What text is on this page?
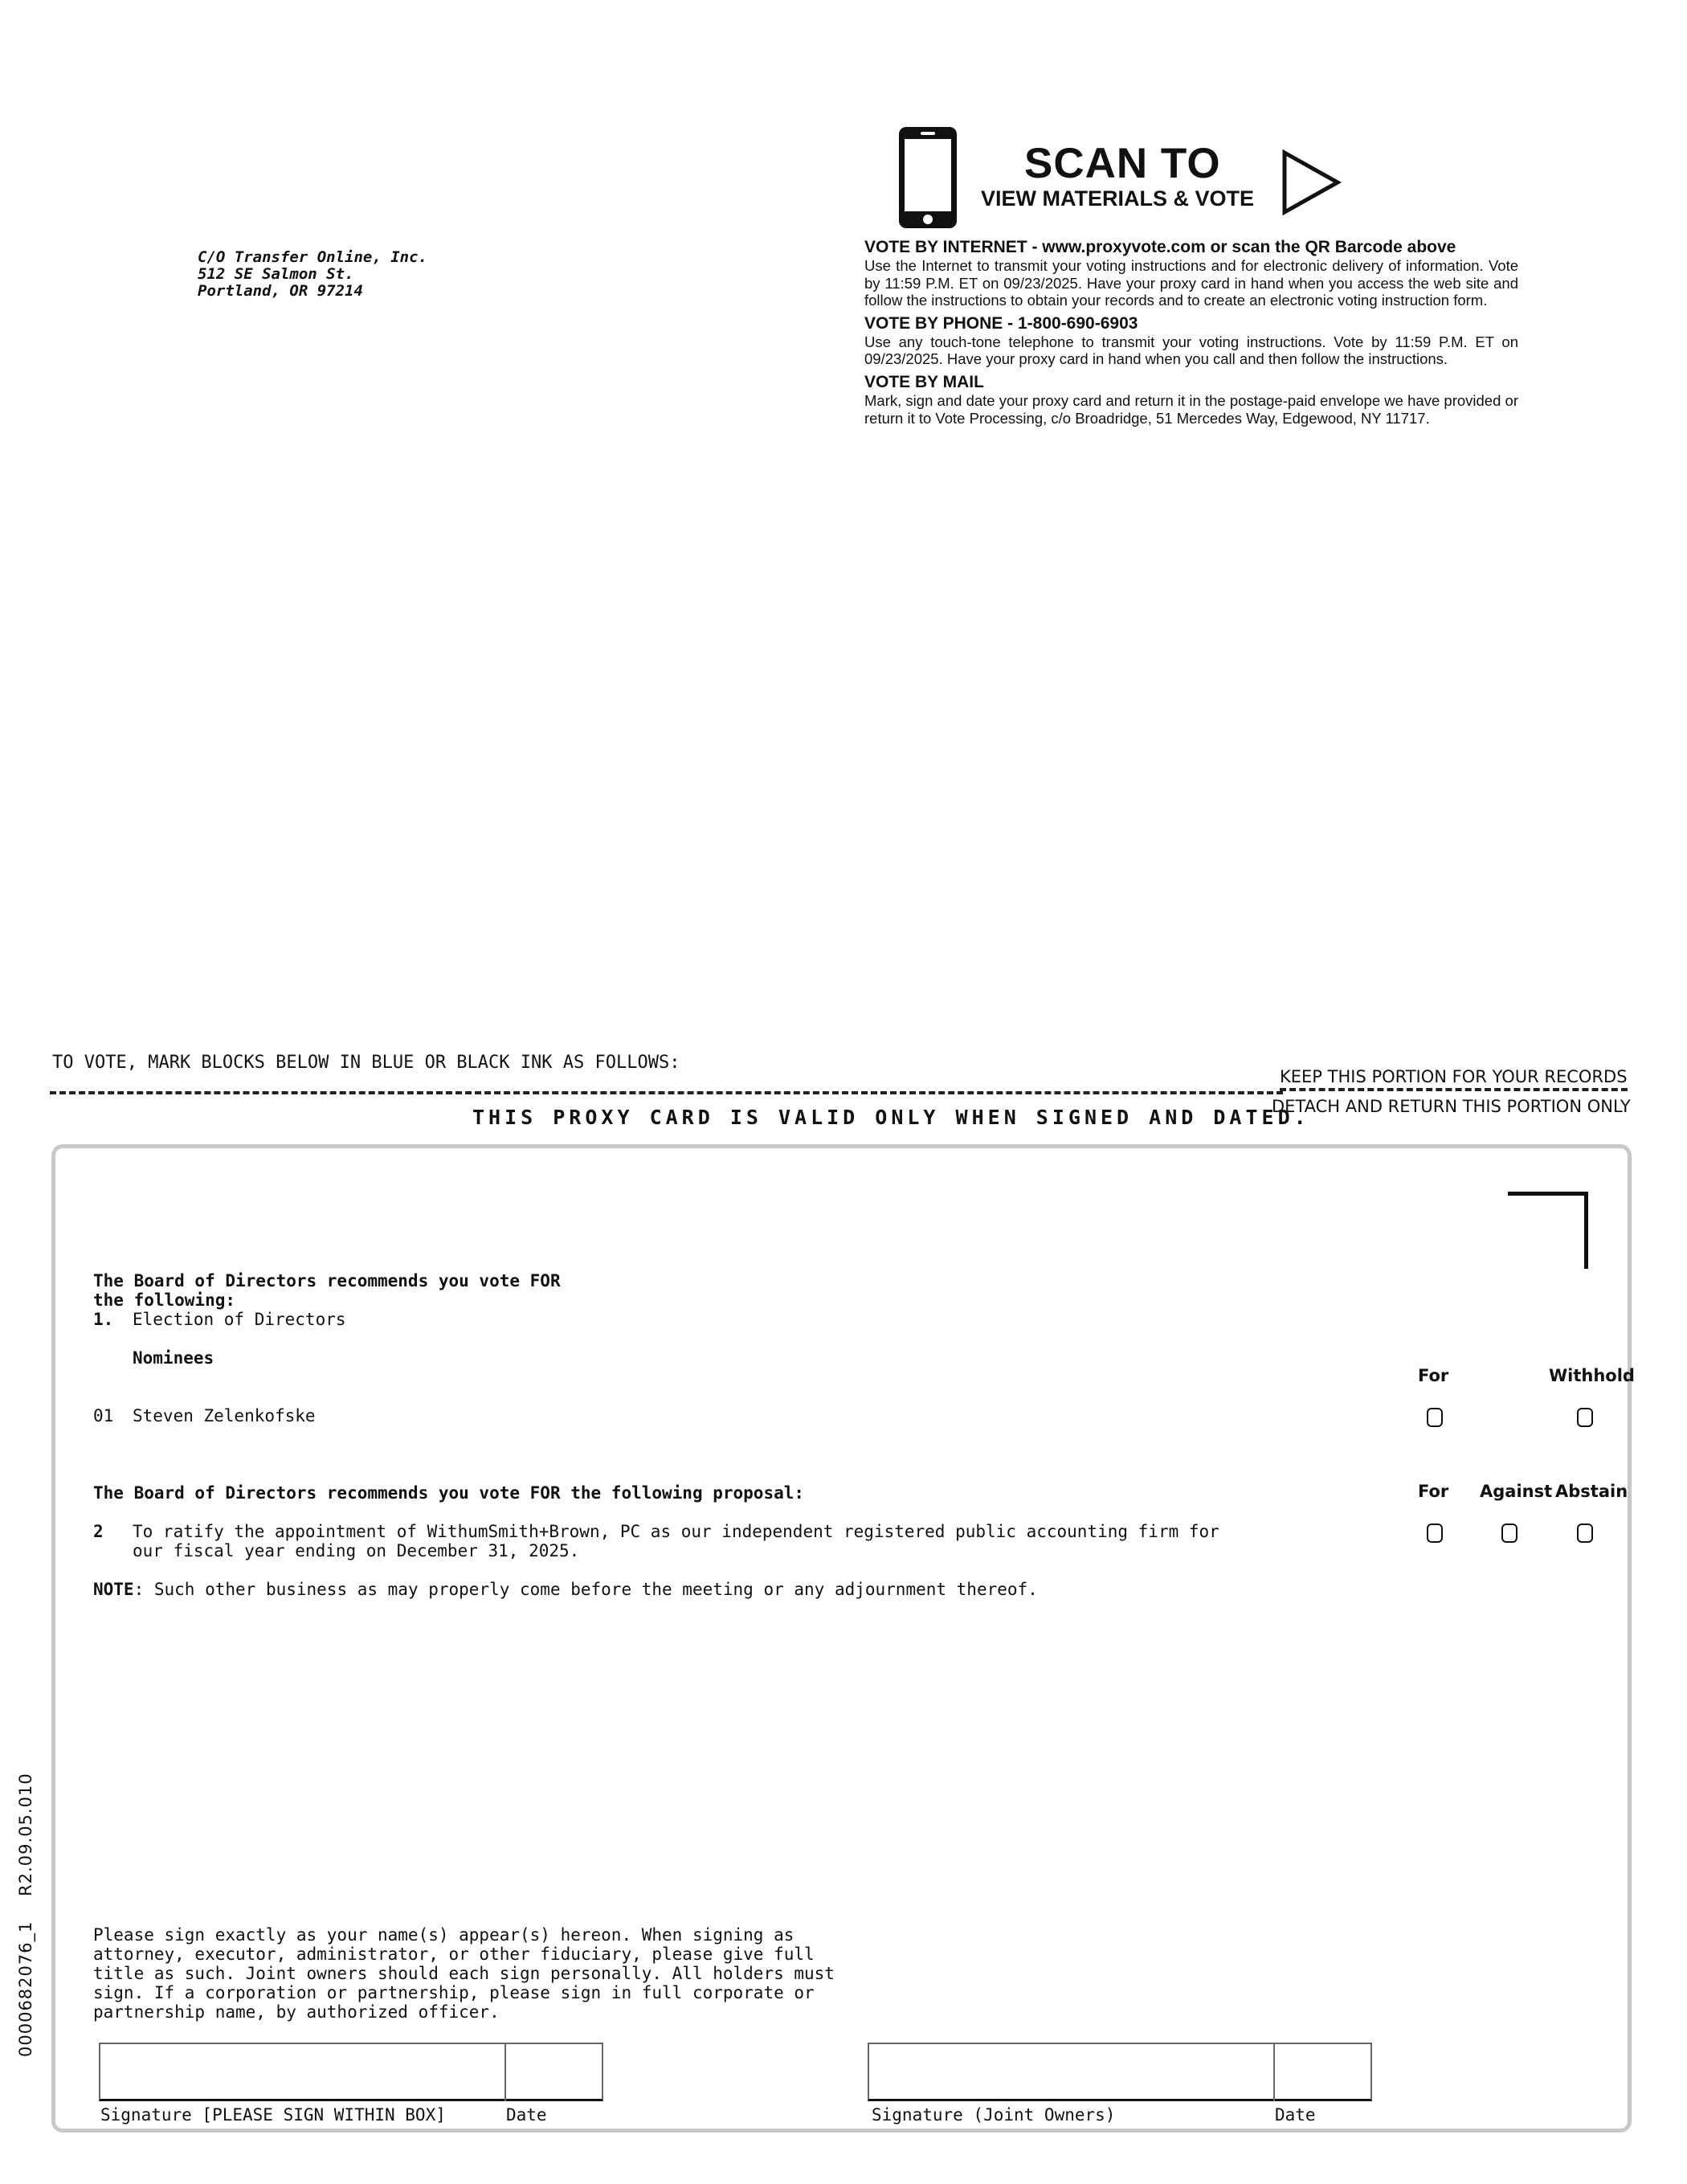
C/O Transfer Online, Inc.
512 SE Salmon St.
Portland, OR 97214
SCAN TO
VIEW MATERIALS & VOTE
VOTE BY INTERNET - www.proxyvote.com or scan the QR Barcode above

Use the Internet to transmit your voting instructions and for electronic delivery of information. Vote by 11:59 P.M. ET on 09/23/2025. Have your proxy card in hand when you access the web site and follow the instructions to obtain your records and to create an electronic voting instruction form.

VOTE BY PHONE - 1-800-690-6903

Use any touch-tone telephone to transmit your voting instructions. Vote by 11:59 P.M. ET on 09/23/2025. Have your proxy card in hand when you call and then follow the instructions.

VOTE BY MAIL

Mark, sign and date your proxy card and return it in the postage-paid envelope we have provided or return it to Vote Processing, c/o Broadridge, 51 Mercedes Way, Edgewood, NY 11717.

TO VOTE, MARK BLOCKS BELOW IN BLUE OR BLACK INK AS FOLLOWS:
KEEP THIS PORTION FOR YOUR RECORDS
DETACH AND RETURN THIS PORTION ONLY
THIS PROXY CARD IS VALID ONLY WHEN SIGNED AND DATED.
The Board of Directors recommends you vote FOR
the following:
1. Election of Directors
Nominees
For	Withhold
01 Steven Zelenkofske
The Board of Directors recommends you vote FOR the following proposal:	For Against Abstain
2 To ratify the appointment of WithumSmith+Brown, PC as our independent registered public accounting firm for
our fiscal year ending on December 31, 2025.
NOTE: Such other business as may properly come before the meeting or any adjournment thereof.
Please sign exactly as your name(s) appear(s) hereon. When signing as
attorney, executor, administrator, or other fiduciary, please give full
title as such. Joint owners should each sign personally. All holders must
sign. If a corporation or partnership, please sign in full corporate or
partnership name, by authorized officer.
Signature [PLEASE SIGN WITHIN BOX]	Date	Signature (Joint Owners)	Date
0000682076_1    R2.09.05.010
